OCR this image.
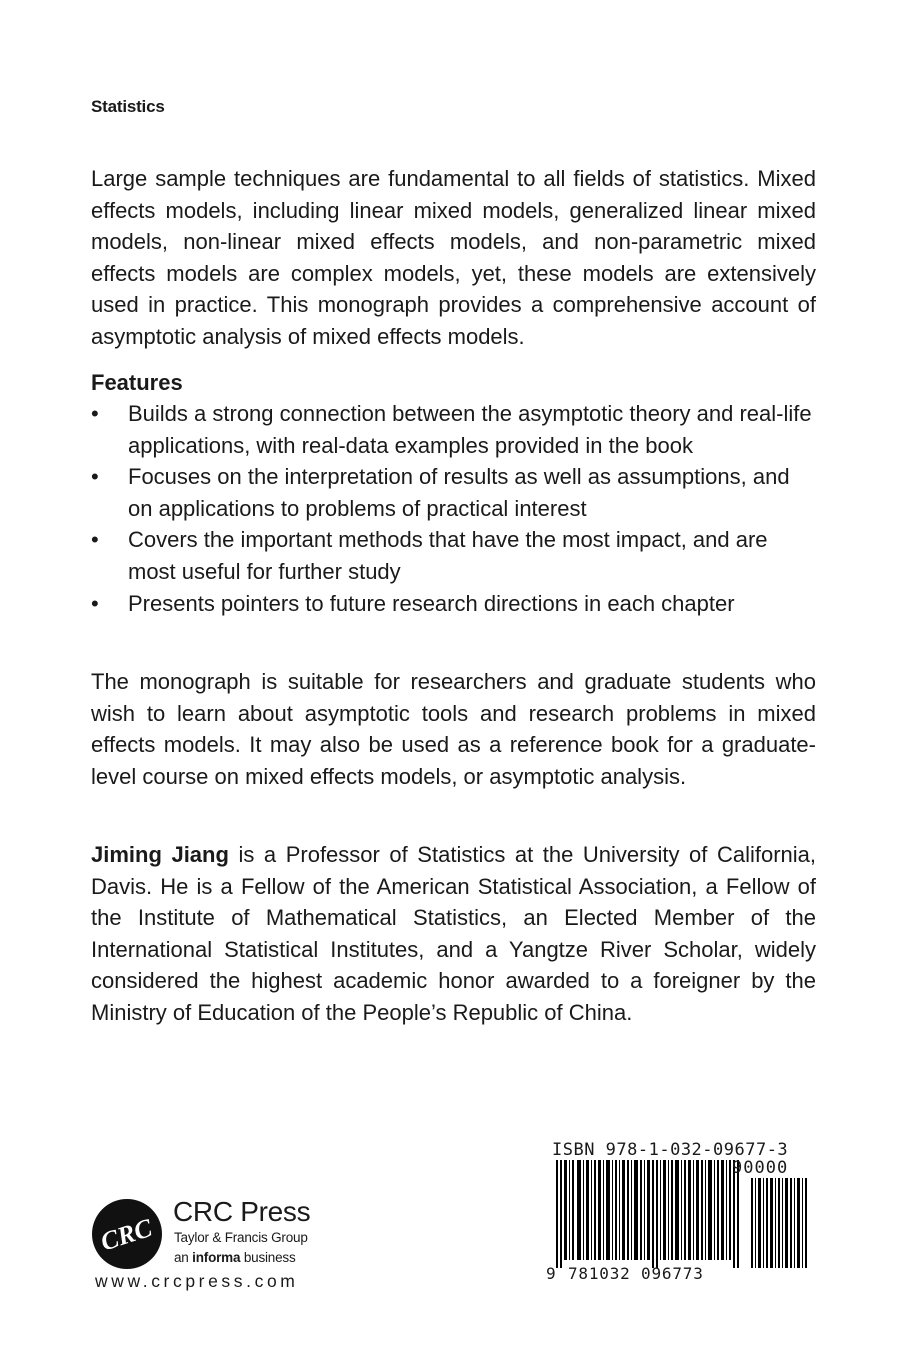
Statistics
Large sample techniques are fundamental to all fields of statistics. Mixed effects models, including linear mixed models, generalized linear mixed models, non-linear mixed effects models, and non-parametric mixed effects models are complex models, yet, these models are extensively used in practice. This monograph provides a comprehensive account of asymptotic analysis of mixed effects models.
Features
• Builds a strong connection between the asymptotic theory and real-life applications, with real-data examples provided in the book
• Focuses on the interpretation of results as well as assumptions, and on applications to problems of practical interest
• Covers the important methods that have the most impact, and are most useful for further study
• Presents pointers to future research directions in each chapter
The monograph is suitable for researchers and graduate students who wish to learn about asymptotic tools and research problems in mixed effects models. It may also be used as a reference book for a graduate-level course on mixed effects models, or asymptotic analysis.
Jiming Jiang is a Professor of Statistics at the University of California, Davis. He is a Fellow of the American Statistical Association, a Fellow of the Institute of Mathematical Statistics, an Elected Member of the International Statistical Institutes, and a Yangtze River Scholar, widely considered the highest academic honor awarded to a foreigner by the Ministry of Education of the People’s Republic of China.
ISBN 978-1-032-09677-3
90000
9 781032 096773
CRC
CRC Press
Taylor & Francis Group
an informa business
www.crcpress.com
